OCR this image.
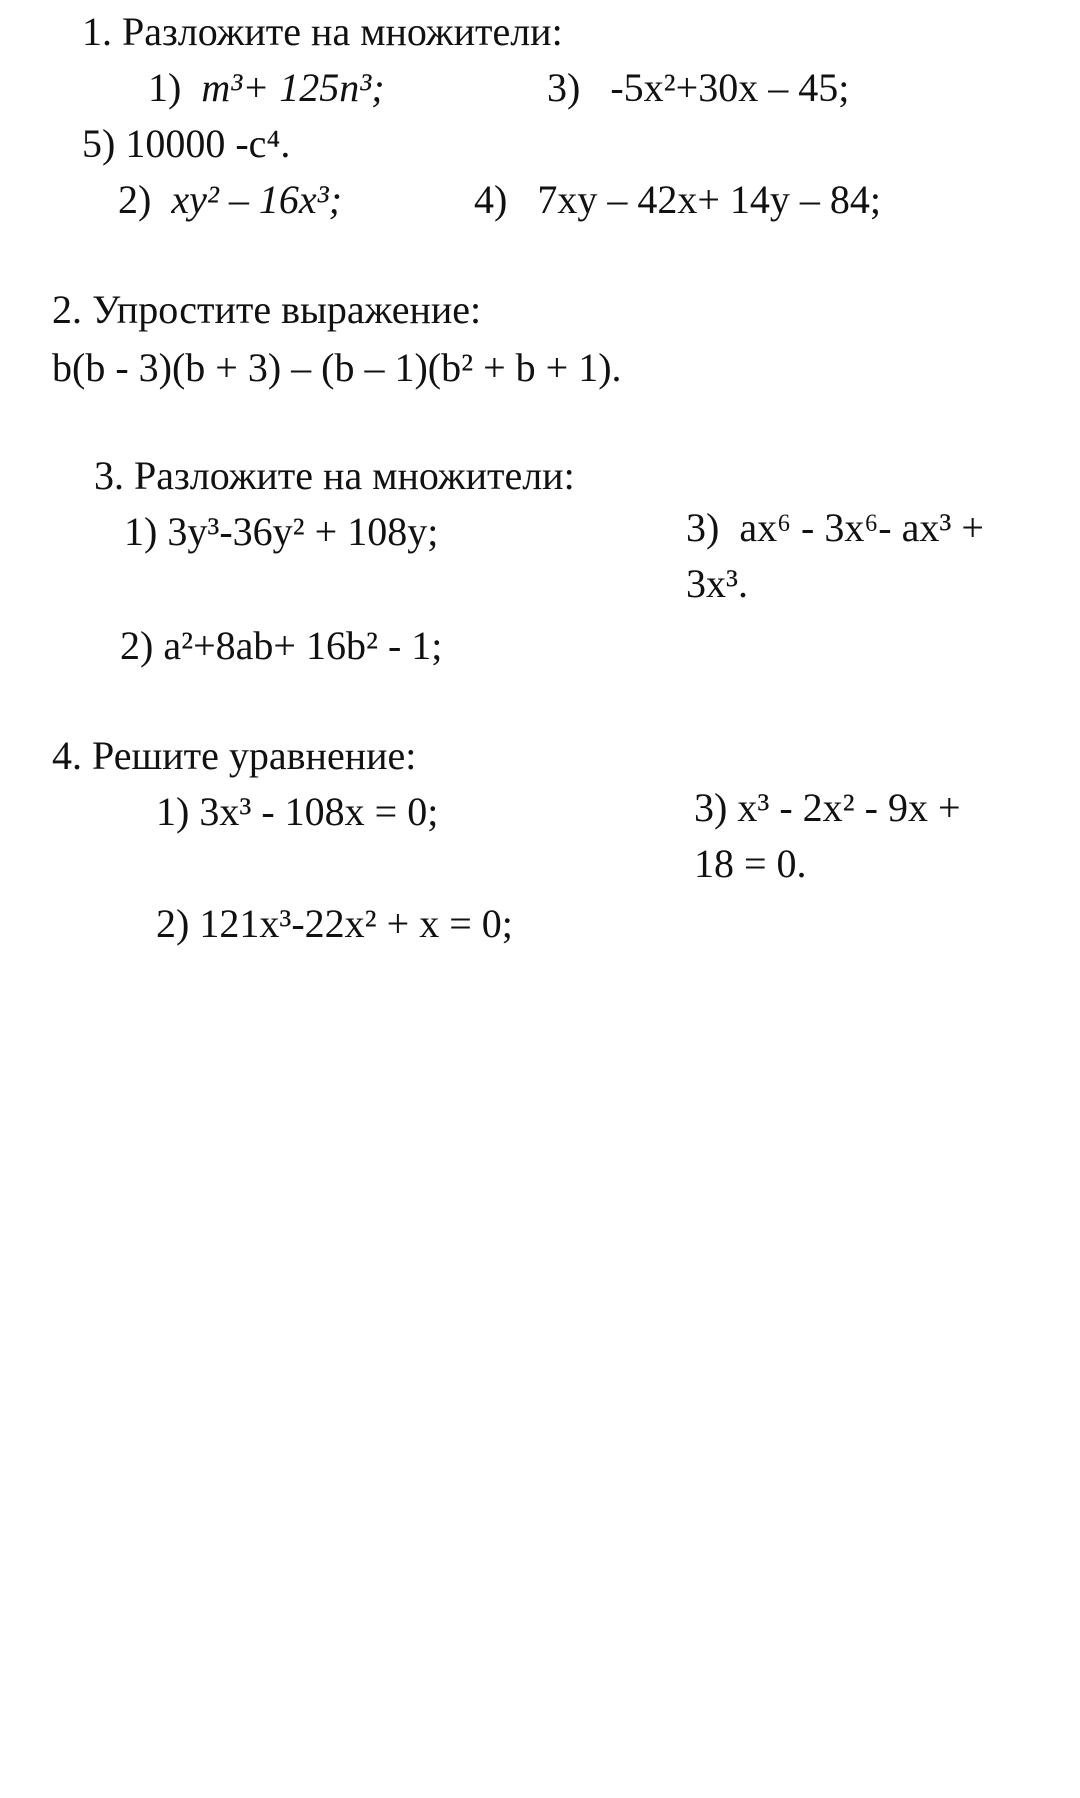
1. Разложите на множители:
1) m³+ 125n³;	3) -5x²+30x – 45;
5) 10000 -c⁴.
2) xy² – 16x³;	4) 7xy – 42x+ 14y – 84;
2. Упростите выражение:
b(b - 3)(b + 3) – (b – 1)(b² + b + 1).
3. Разложите на множители:
1) 3y³-36y² + 108y;	3) ax⁶ - 3x⁶- ax³ + 3x³.
2) a²+8ab+ 16b² - 1;
4. Решите уравнение:
1) 3x³ - 108x = 0;	3) x³ - 2x² - 9x + 18 = 0.
2) 121x³-22x² + x = 0;
